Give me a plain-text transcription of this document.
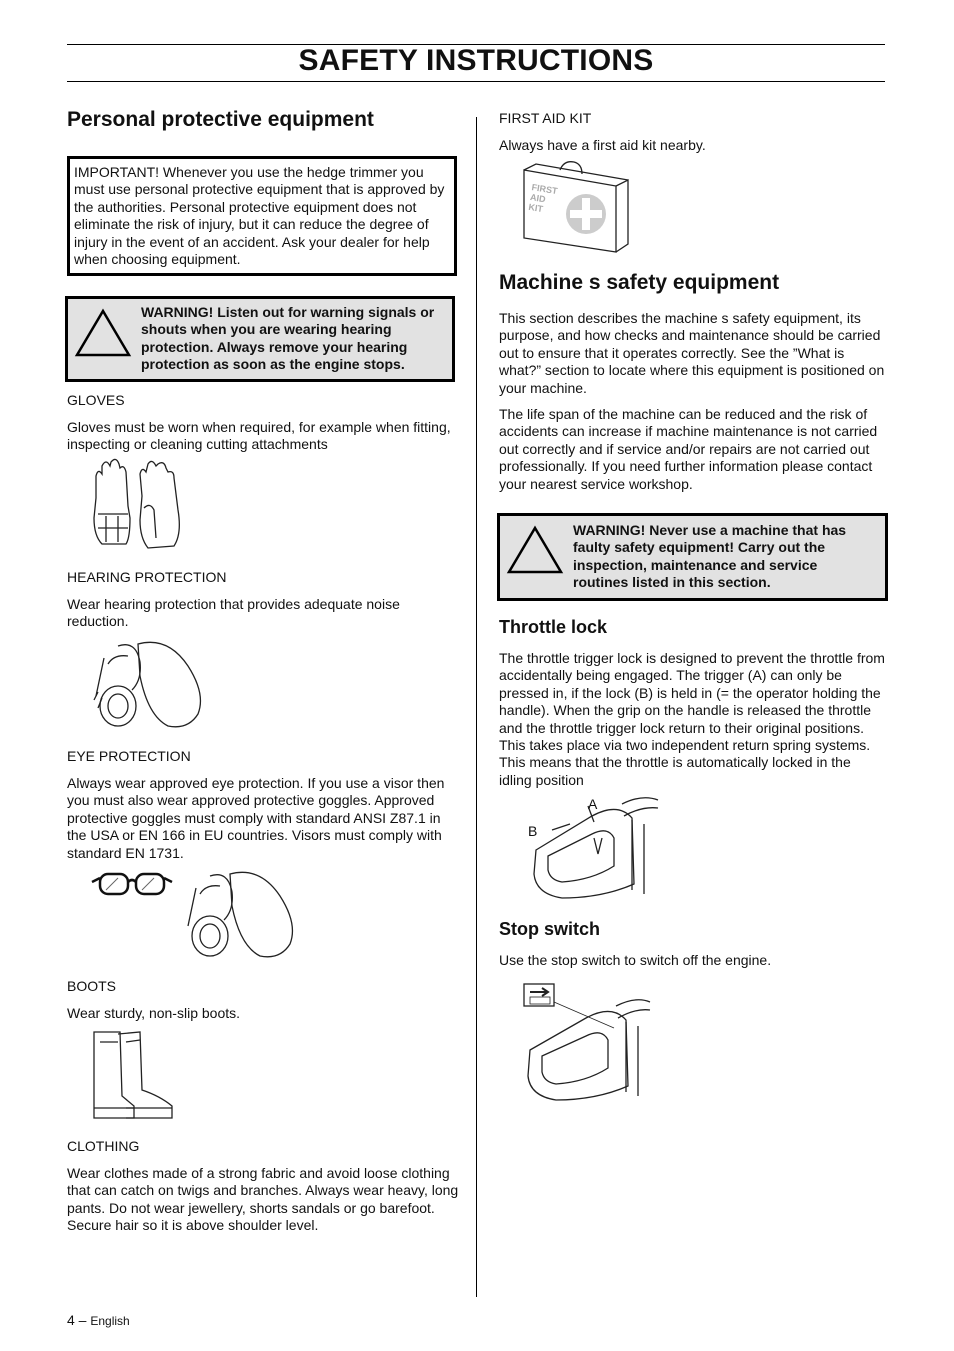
SAFETY INSTRUCTIONS
Personal protective equipment
IMPORTANT! Whenever you use the hedge trimmer you must use personal protective equipment that is approved by the authorities. Personal protective equipment does not eliminate the risk of injury, but it can reduce the degree of injury in the event of an accident. Ask your dealer for help when choosing equipment.
WARNING! Listen out for warning signals or shouts when you are wearing hearing protection. Always remove your hearing protection as soon as the engine stops.
GLOVES

Gloves must be worn when required, for example when fitting, inspecting or cleaning cutting attachments

HEARING PROTECTION

Wear hearing protection that provides adequate noise reduction.

EYE PROTECTION

Always wear approved eye protection. If you use a visor then you must also wear approved protective goggles. Approved protective goggles must comply with standard ANSI Z87.1 in the USA or EN 166 in EU countries. Visors must comply with standard EN 1731.

BOOTS

Wear sturdy, non-slip boots.

CLOTHING

Wear clothes made of a strong fabric and avoid loose clothing that can catch on twigs and branches. Always wear heavy, long pants. Do not wear jewellery, shorts sandals or go barefoot. Secure hair so it is above shoulder level.

FIRST AID KIT

Always have a first aid kit nearby.

FIRST
AID
KIT
Machine s safety equipment

This section describes the machine s safety equipment, its purpose, and how checks and maintenance should be carried out to ensure that it operates correctly. See the ”What is what?” section to locate where this equipment is positioned on your machine.

The life span of the machine can be reduced and the risk of accidents can increase if machine maintenance is not carried out correctly and if service and/or repairs are not carried out professionally. If you need further information please contact your nearest service workshop.

WARNING! Never use a machine that has faulty safety equipment! Carry out the inspection, maintenance and service routines listed in this section.
Throttle lock

The throttle trigger lock is designed to prevent the throttle from accidentally being engaged. The trigger (A) can only be pressed in, if the lock (B) is held in (= the operator holding the handle). When the grip on the handle is released the throttle and the throttle trigger lock return to their original positions. This takes place via two independent return spring systems. This means that the throttle is automatically locked in the idling position

A
B
Stop switch

Use the stop switch to switch off the engine.

4 – English
